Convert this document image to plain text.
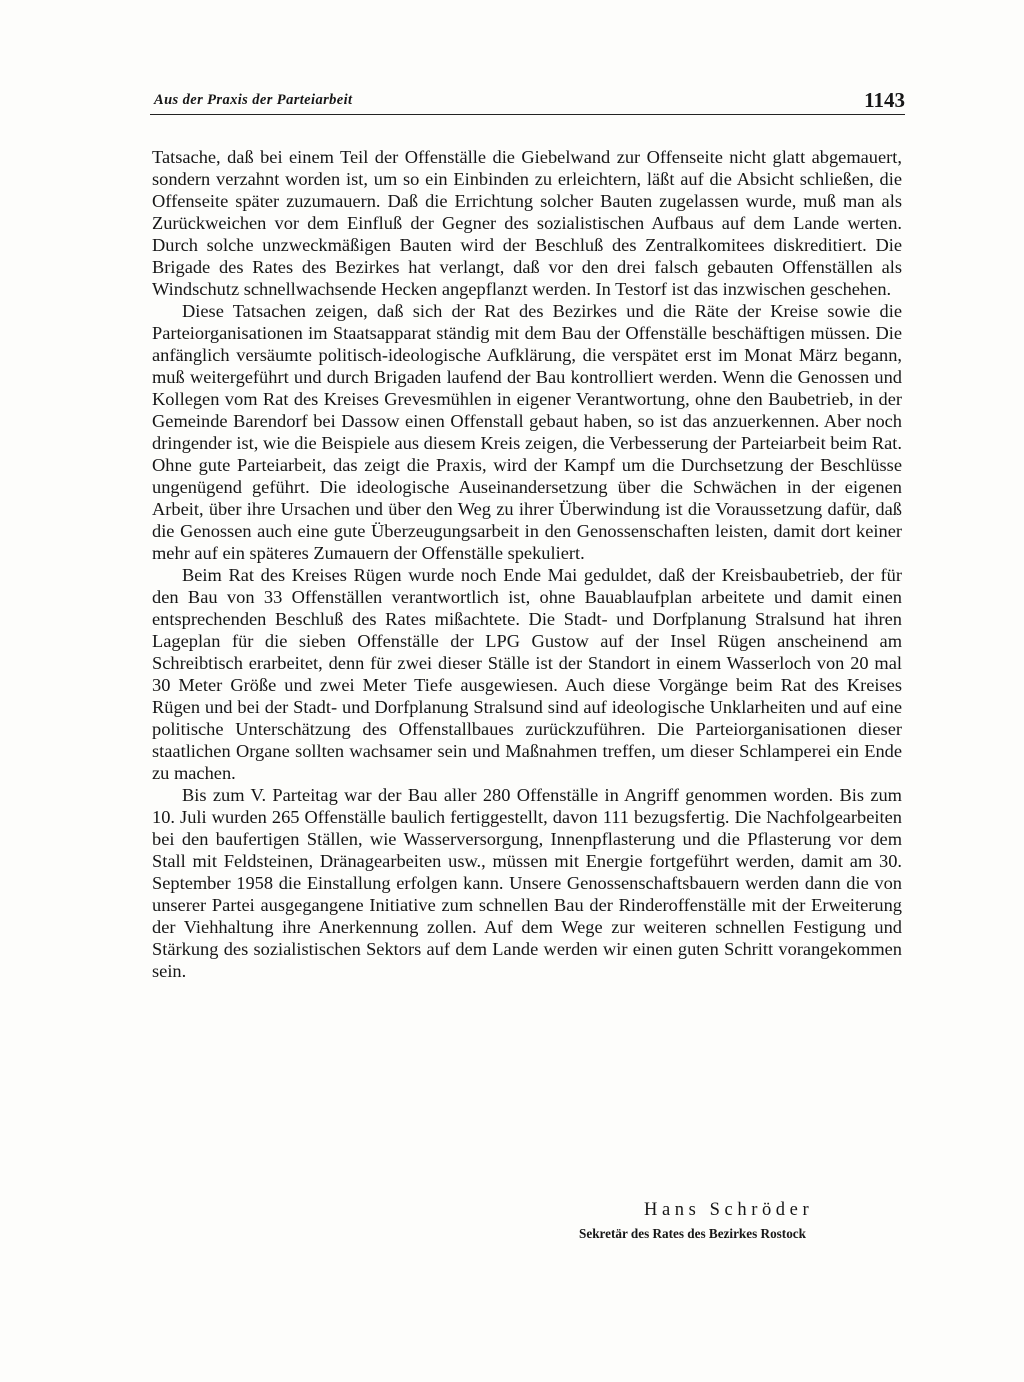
Aus der Praxis der Parteiarbeit	1143

Tatsache, daß bei einem Teil der Offenställe die Giebelwand zur Offenseite nicht glatt abgemauert, sondern verzahnt worden ist, um so ein Einbinden zu erleichtern, läßt auf die Absicht schließen, die Offenseite später zuzumauern. Daß die Errichtung solcher Bauten zugelassen wurde, muß man als Zurückweichen vor dem Einfluß der Gegner des sozialistischen Aufbaus auf dem Lande werten. Durch solche unzweckmäßigen Bauten wird der Beschluß des Zentralkomitees diskreditiert. Die Brigade des Rates des Bezirkes hat verlangt, daß vor den drei falsch gebauten Offenställen als Windschutz schnellwachsende Hecken angepflanzt werden. In Testorf ist das inzwischen geschehen.

Diese Tatsachen zeigen, daß sich der Rat des Bezirkes und die Räte der Kreise sowie die Parteiorganisationen im Staatsapparat ständig mit dem Bau der Offenställe beschäftigen müssen. Die anfänglich versäumte politisch-ideologische Aufklärung, die verspätet erst im Monat März begann, muß weitergeführt und durch Brigaden laufend der Bau kontrolliert werden. Wenn die Genossen und Kollegen vom Rat des Kreises Grevesmühlen in eigener Verantwortung, ohne den Baubetrieb, in der Gemeinde Barendorf bei Dassow einen Offenstall gebaut haben, so ist das anzuerkennen. Aber noch dringender ist, wie die Beispiele aus diesem Kreis zeigen, die Verbesserung der Parteiarbeit beim Rat. Ohne gute Parteiarbeit, das zeigt die Praxis, wird der Kampf um die Durchsetzung der Beschlüsse ungenügend geführt. Die ideologische Auseinandersetzung über die Schwächen in der eigenen Arbeit, über ihre Ursachen und über den Weg zu ihrer Überwindung ist die Voraussetzung dafür, daß die Genossen auch eine gute Überzeugungsarbeit in den Genossenschaften leisten, damit dort keiner mehr auf ein späteres Zumauern der Offenställe spekuliert.

Beim Rat des Kreises Rügen wurde noch Ende Mai geduldet, daß der Kreisbaubetrieb, der für den Bau von 33 Offenställen verantwortlich ist, ohne Bauablaufplan arbeitete und damit einen entsprechenden Beschluß des Rates mißachtete. Die Stadt- und Dorfplanung Stralsund hat ihren Lageplan für die sieben Offenställe der LPG Gustow auf der Insel Rügen anscheinend am Schreibtisch erarbeitet, denn für zwei dieser Ställe ist der Standort in einem Wasserloch von 20 mal 30 Meter Größe und zwei Meter Tiefe ausgewiesen. Auch diese Vorgänge beim Rat des Kreises Rügen und bei der Stadt- und Dorfplanung Stralsund sind auf ideologische Unklarheiten und auf eine politische Unterschätzung des Offenstallbaues zurückzuführen. Die Parteiorganisationen dieser staatlichen Organe sollten wachsamer sein und Maßnahmen treffen, um dieser Schlamperei ein Ende zu machen.

Bis zum V. Parteitag war der Bau aller 280 Offenställe in Angriff genommen worden. Bis zum 10. Juli wurden 265 Offenställe baulich fertiggestellt, davon 111 bezugsfertig. Die Nachfolgearbeiten bei den baufertigen Ställen, wie Wasserversorgung, Innenpflasterung und die Pflasterung vor dem Stall mit Feldsteinen, Dränagearbeiten usw., müssen mit Energie fortgeführt werden, damit am 30. September 1958 die Einstallung erfolgen kann. Unsere Genossenschaftsbauern werden dann die von unserer Partei ausgegangene Initiative zum schnellen Bau der Rinderoffenställe mit der Erweiterung der Viehhaltung ihre Anerkennung zollen. Auf dem Wege zur weiteren schnellen Festigung und Stärkung des sozialistischen Sektors auf dem Lande werden wir einen guten Schritt vorangekommen sein.

Hans Schröder
Sekretär des Rates des Bezirkes Rostock
